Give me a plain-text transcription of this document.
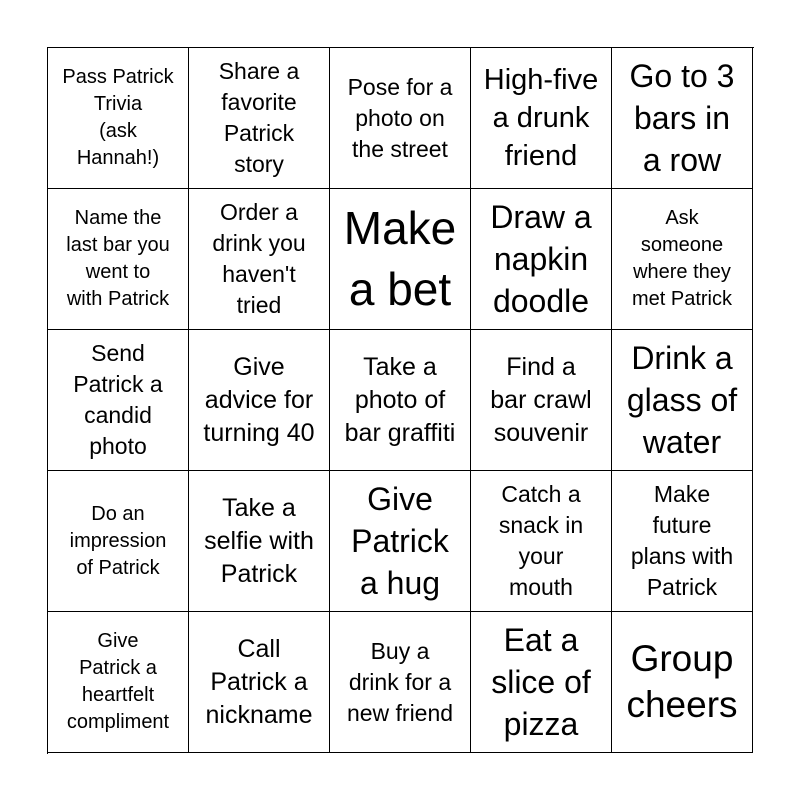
Pass Patrick
Trivia
(ask
Hannah!)
Share a
favorite
Patrick
story
Pose for a
photo on
the street
High-five
a drunk
friend
Go to 3
bars in
a row
Name the
last bar you
went to
with Patrick
Order a
drink you
haven't
tried
Make
a bet
Draw a
napkin
doodle
Ask
someone
where they
met Patrick
Send
Patrick a
candid
photo
Give
advice for
turning 40
Take a
photo of
bar graffiti
Find a
bar crawl
souvenir
Drink a
glass of
water
Do an
impression
of Patrick
Take a
selfie with
Patrick
Give
Patrick
a hug
Catch a
snack in
your
mouth
Make
future
plans with
Patrick
Give
Patrick a
heartfelt
compliment
Call
Patrick a
nickname
Buy a
drink for a
new friend
Eat a
slice of
pizza
Group
cheers
